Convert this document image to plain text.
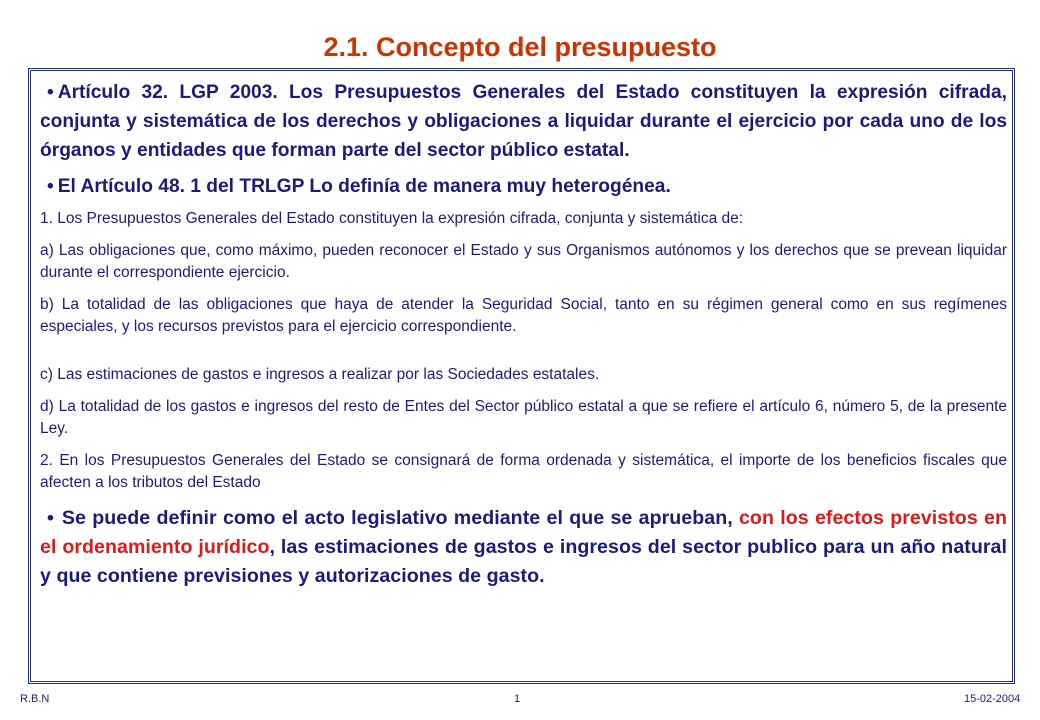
2.1. Concepto del presupuesto

• Artículo 32. LGP 2003. Los Presupuestos Generales del Estado constituyen la expresión cifrada, conjunta y sistemática de los derechos y obligaciones a liquidar durante el ejercicio por cada uno de los órganos y entidades que forman parte del sector público estatal.

• El Artículo 48. 1 del TRLGP Lo definía de manera muy heterogénea.

1. Los Presupuestos Generales del Estado constituyen la expresión cifrada, conjunta y sistemática de:

a) Las obligaciones que, como máximo, pueden reconocer el Estado y sus Organismos autónomos y los derechos que se prevean liquidar durante el correspondiente ejercicio.

b) La totalidad de las obligaciones que haya de atender la Seguridad Social, tanto en su régimen general como en sus regímenes especiales, y los recursos previstos para el ejercicio correspondiente.

c) Las estimaciones de gastos e ingresos a realizar por las Sociedades estatales.

d) La totalidad de los gastos e ingresos del resto de Entes del Sector público estatal a que se refiere el artículo 6, número 5, de la presente Ley.

2. En los Presupuestos Generales del Estado se consignará de forma ordenada y sistemática, el importe de los beneficios fiscales que afecten a los tributos del Estado

• Se puede definir como el acto legislativo mediante el que se aprueban, con los efectos previstos en el ordenamiento jurídico, las estimaciones de gastos e ingresos del sector publico para un año natural y que contiene previsiones y autorizaciones de gasto.

R.B.N	1	15-02-2004
